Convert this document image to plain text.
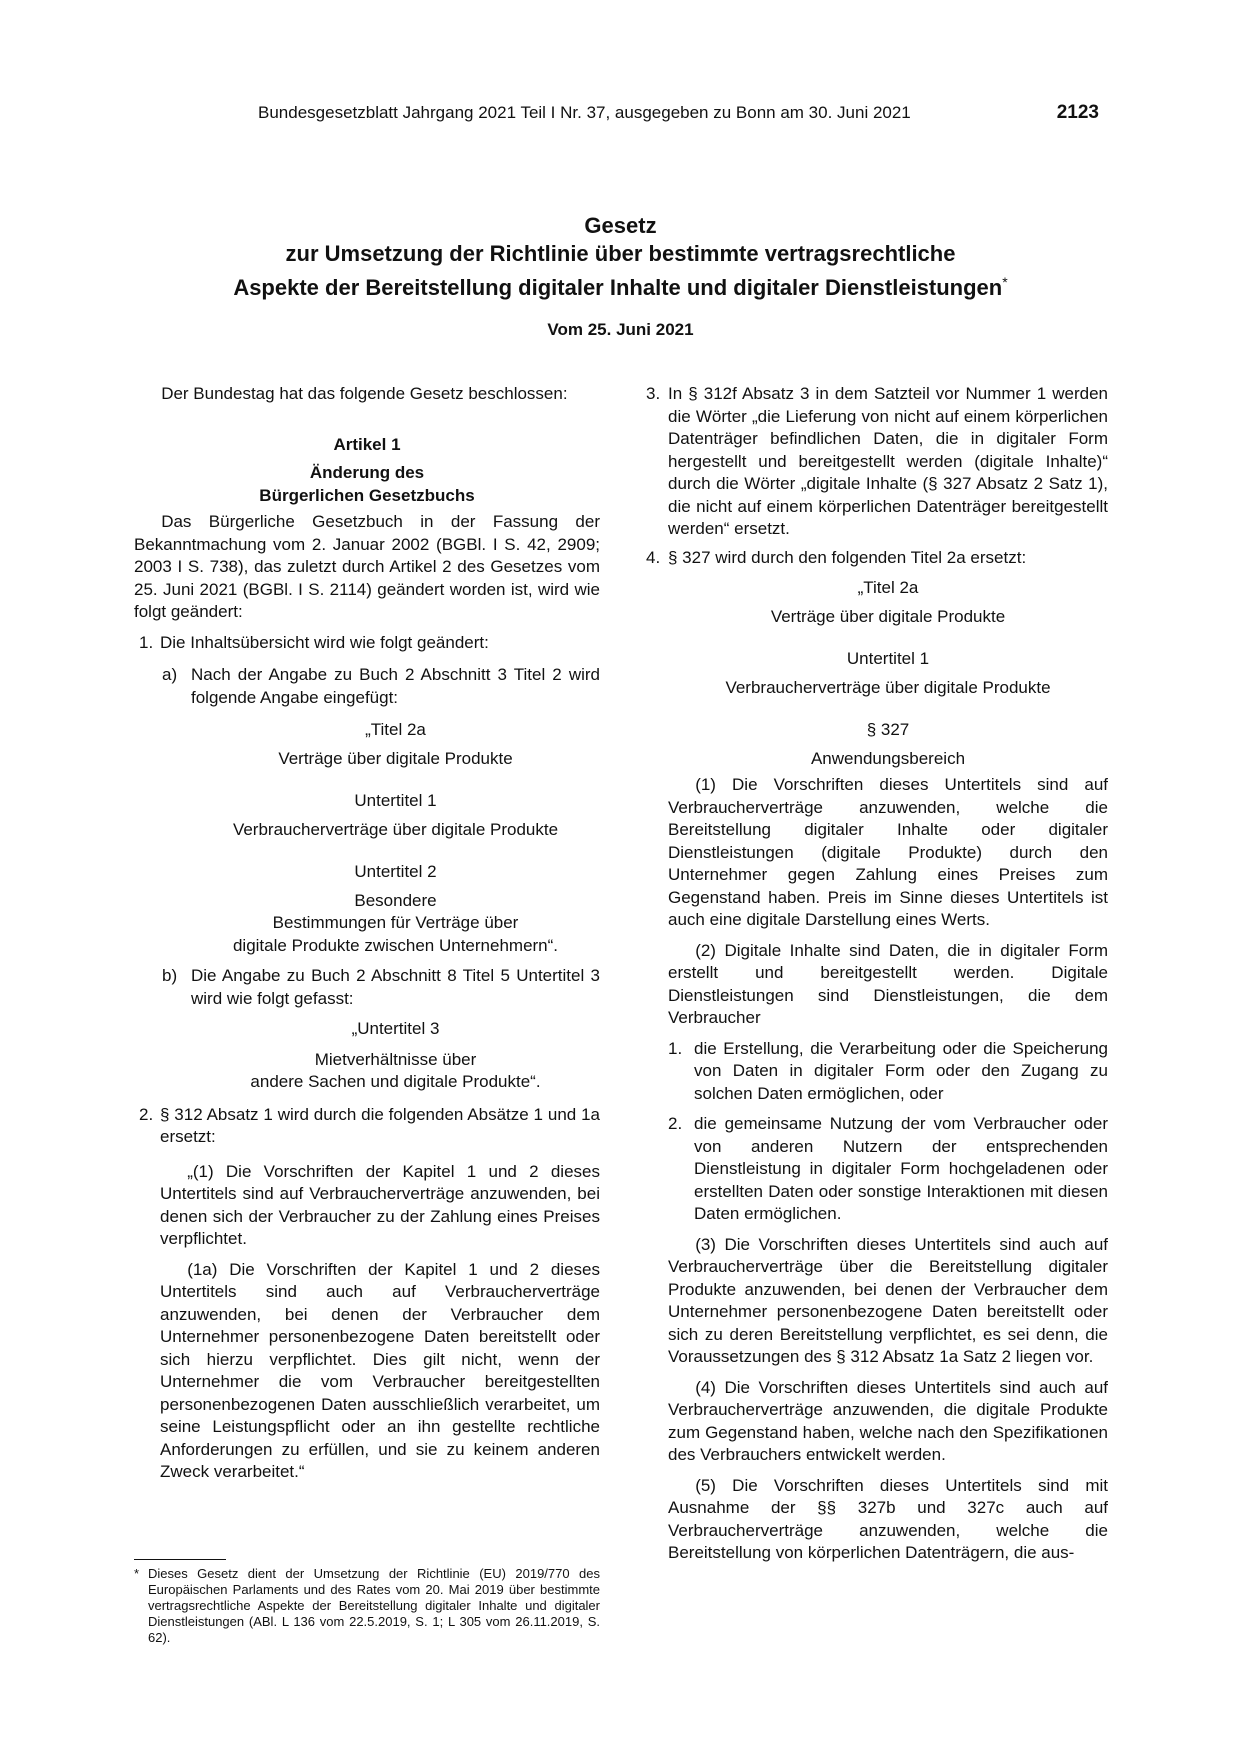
Bundesgesetzblatt Jahrgang 2021 Teil I Nr. 37, ausgegeben zu Bonn am 30. Juni 2021	2123
Gesetz
zur Umsetzung der Richtlinie über bestimmte vertragsrechtliche
Aspekte der Bereitstellung digitaler Inhalte und digitaler Dienstleistungen*
Vom 25. Juni 2021

Der Bundestag hat das folgende Gesetz beschlossen:

Artikel 1

Änderung des

Bürgerlichen Gesetzbuchs

Das Bürgerliche Gesetzbuch in der Fassung der Bekanntmachung vom 2. Januar 2002 (BGBl. I S. 42, 2909; 2003 I S. 738), das zuletzt durch Artikel 2 des Gesetzes vom 25. Juni 2021 (BGBl. I S. 2114) geändert worden ist, wird wie folgt geändert:

1. Die Inhaltsübersicht wird wie folgt geändert:
a) Nach der Angabe zu Buch 2 Abschnitt 3 Titel 2 wird folgende Angabe eingefügt:

„Titel 2a

Verträge über digitale Produkte

Untertitel 1

Verbraucherverträge über digitale Produkte

Untertitel 2

Besondere

Bestimmungen für Verträge über

digitale Produkte zwischen Unternehmern“.

b) Die Angabe zu Buch 2 Abschnitt 8 Titel 5 Untertitel 3 wird wie folgt gefasst:

„Untertitel 3

Mietverhältnisse über

andere Sachen und digitale Produkte“.

2. § 312 Absatz 1 wird durch die folgenden Absätze 1 und 1a ersetzt:

„(1) Die Vorschriften der Kapitel 1 und 2 dieses Untertitels sind auf Verbraucherverträge anzuwenden, bei denen sich der Verbraucher zu der Zahlung eines Preises verpflichtet.

(1a) Die Vorschriften der Kapitel 1 und 2 dieses Untertitels sind auch auf Verbraucherverträge anzuwenden, bei denen der Verbraucher dem Unternehmer personenbezogene Daten bereitstellt oder sich hierzu verpflichtet. Dies gilt nicht, wenn der Unternehmer die vom Verbraucher bereitgestellten personenbezogenen Daten ausschließlich verarbeitet, um seine Leistungspflicht oder an ihn gestellte rechtliche Anforderungen zu erfüllen, und sie zu keinem anderen Zweck verarbeitet.“

3. In § 312f Absatz 3 in dem Satzteil vor Nummer 1 werden die Wörter „die Lieferung von nicht auf einem körperlichen Datenträger befindlichen Daten, die in digitaler Form hergestellt und bereitgestellt werden (digitale Inhalte)“ durch die Wörter „digitale Inhalte (§ 327 Absatz 2 Satz 1), die nicht auf einem körperlichen Datenträger bereitgestellt werden“ ersetzt.
4. § 327 wird durch den folgenden Titel 2a ersetzt:

„Titel 2a

Verträge über digitale Produkte

Untertitel 1

Verbraucherverträge über digitale Produkte

§ 327

Anwendungsbereich

(1) Die Vorschriften dieses Untertitels sind auf Verbraucherverträge anzuwenden, welche die Bereitstellung digitaler Inhalte oder digitaler Dienstleistungen (digitale Produkte) durch den Unternehmer gegen Zahlung eines Preises zum Gegenstand haben. Preis im Sinne dieses Untertitels ist auch eine digitale Darstellung eines Werts.

(2) Digitale Inhalte sind Daten, die in digitaler Form erstellt und bereitgestellt werden. Digitale Dienstleistungen sind Dienstleistungen, die dem Verbraucher

1. die Erstellung, die Verarbeitung oder die Speicherung von Daten in digitaler Form oder den Zugang zu solchen Daten ermöglichen, oder
2. die gemeinsame Nutzung der vom Verbraucher oder von anderen Nutzern der entsprechenden Dienstleistung in digitaler Form hochgeladenen oder erstellten Daten oder sonstige Interaktionen mit diesen Daten ermöglichen.

(3) Die Vorschriften dieses Untertitels sind auch auf Verbraucherverträge über die Bereitstellung digitaler Produkte anzuwenden, bei denen der Verbraucher dem Unternehmer personenbezogene Daten bereitstellt oder sich zu deren Bereitstellung verpflichtet, es sei denn, die Voraussetzungen des § 312 Absatz 1a Satz 2 liegen vor.

(4) Die Vorschriften dieses Untertitels sind auch auf Verbraucherverträge anzuwenden, die digitale Produkte zum Gegenstand haben, welche nach den Spezifikationen des Verbrauchers entwickelt werden.

(5) Die Vorschriften dieses Untertitels sind mit Ausnahme der §§ 327b und 327c auch auf Verbraucherverträge anzuwenden, welche die Bereitstellung von körperlichen Datenträgern, die aus-

* Dieses Gesetz dient der Umsetzung der Richtlinie (EU) 2019/770 des Europäischen Parlaments und des Rates vom 20. Mai 2019 über bestimmte vertragsrechtliche Aspekte der Bereitstellung digitaler Inhalte und digitaler Dienstleistungen (ABl. L 136 vom 22.5.2019, S. 1; L 305 vom 26.11.2019, S. 62).
